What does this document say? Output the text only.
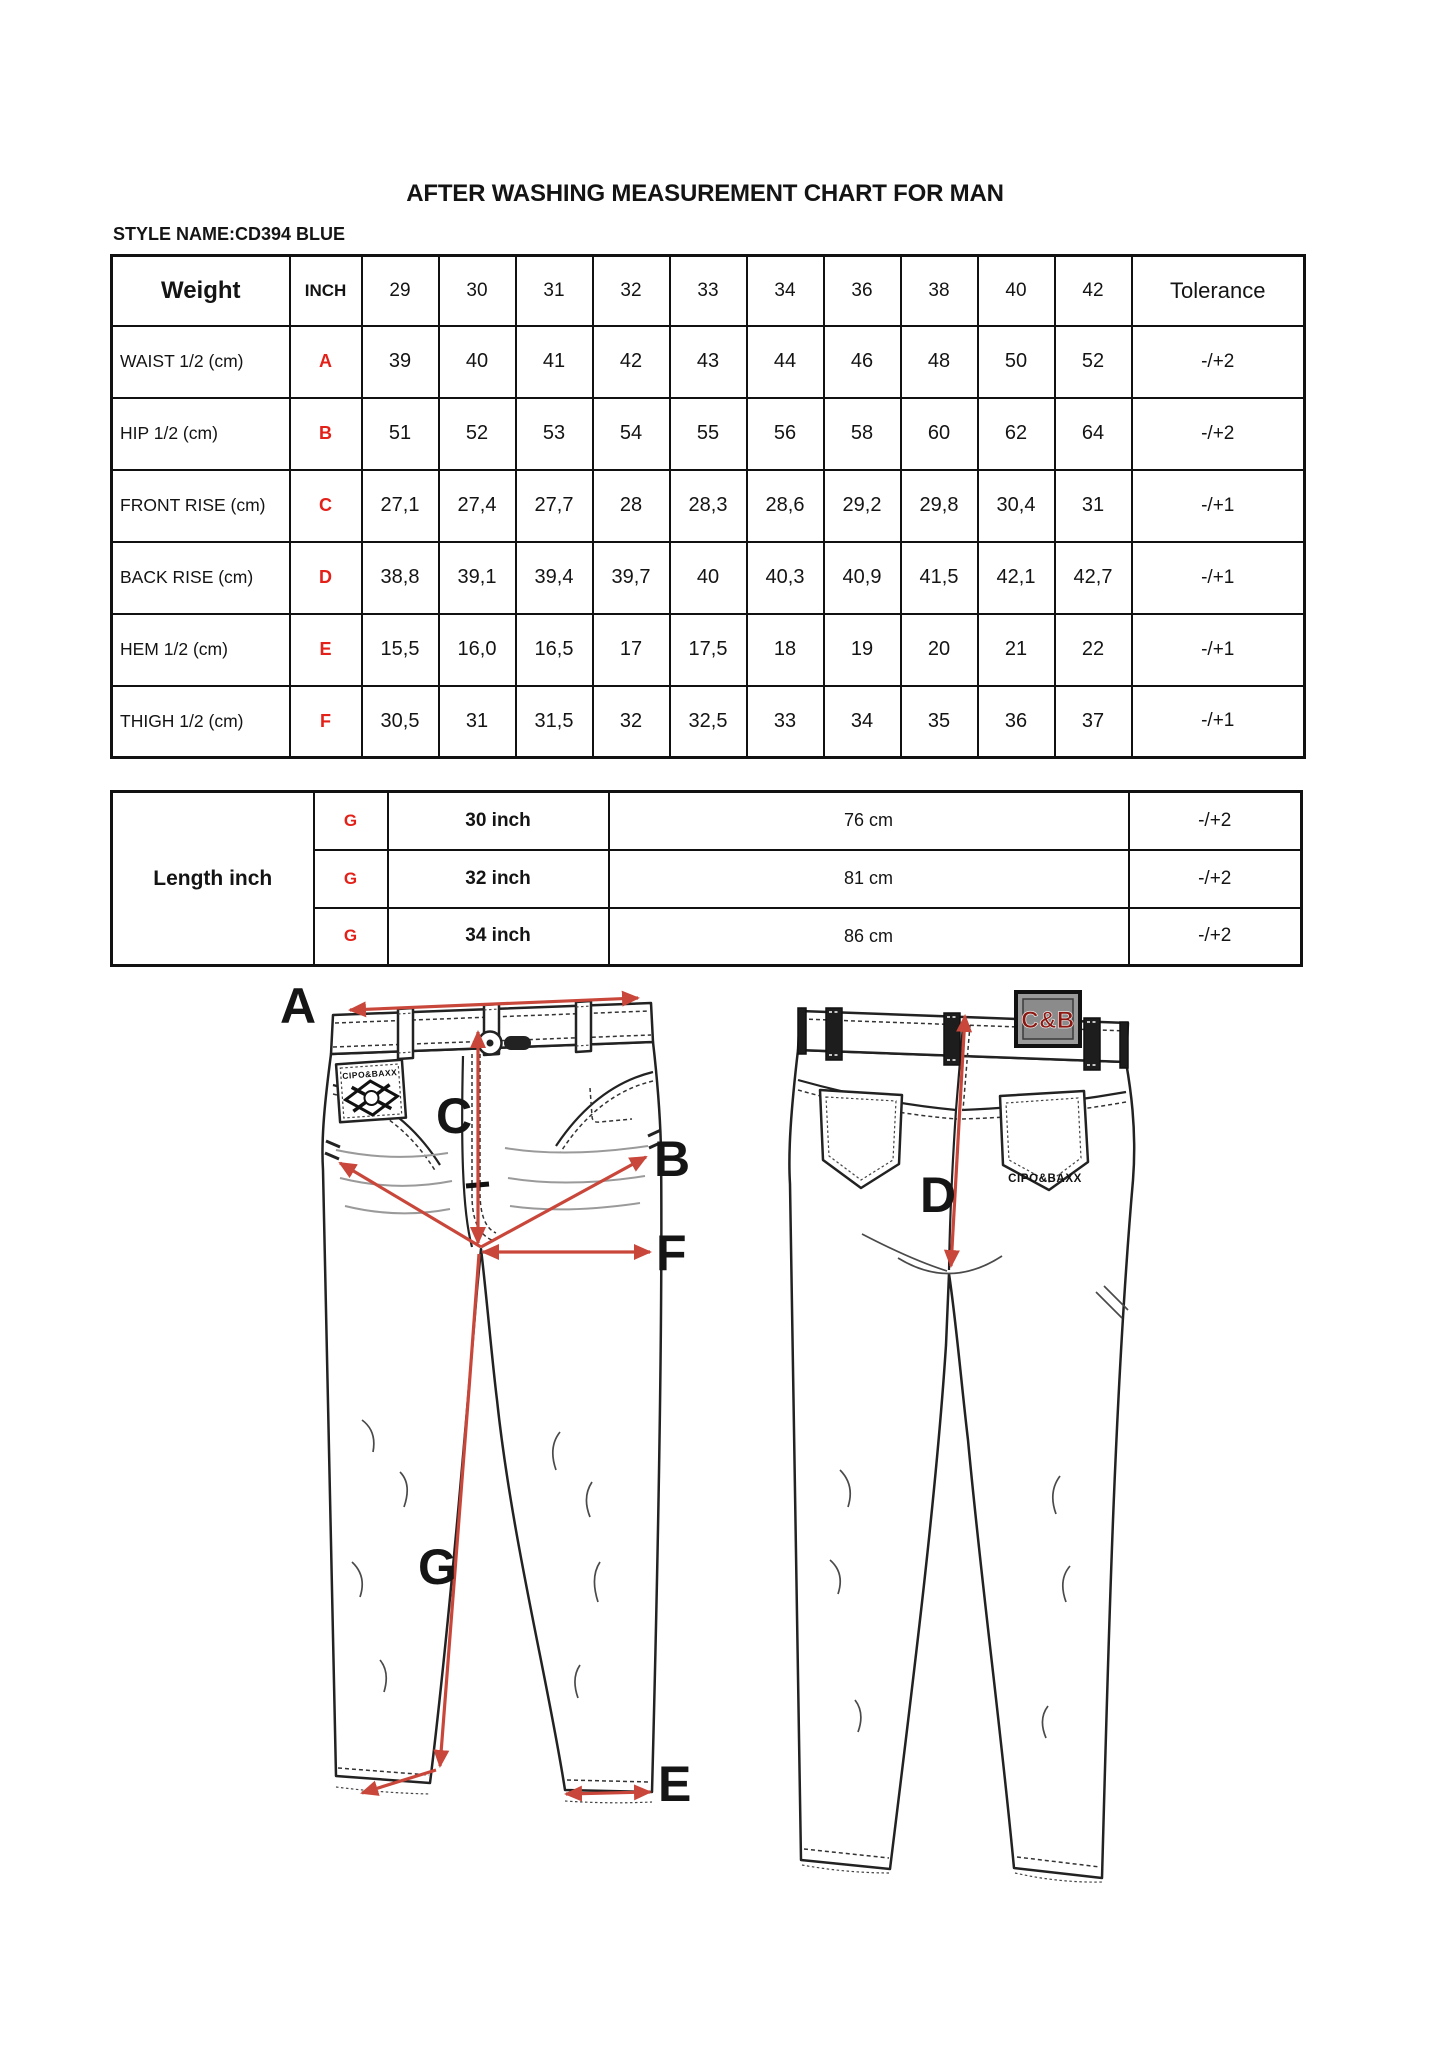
AFTER WASHING MEASUREMENT CHART FOR MAN
STYLE NAME:CD394 BLUE
Weight	INCH	29	30	31	32	33	34	36	38	40	42	Tolerance
WAIST 1/2 (cm)	A	39	40	41	42	43	44	46	48	50	52	-/+2
HIP 1/2 (cm)	B	51	52	53	54	55	56	58	60	62	64	-/+2
FRONT RISE (cm)	C	27,1	27,4	27,7	28	28,3	28,6	29,2	29,8	30,4	31	-/+1
BACK RISE (cm)	D	38,8	39,1	39,4	39,7	40	40,3	40,9	41,5	42,1	42,7	-/+1
HEM 1/2 (cm)	E	15,5	16,0	16,5	17	17,5	18	19	20	21	22	-/+1
THIGH 1/2 (cm)	F	30,5	31	31,5	32	32,5	33	34	35	36	37	-/+1
Length inch	G	30 inch	76 cm	-/+2
	G	32 inch	81 cm	-/+2
	G	34 inch	86 cm	-/+2
CIPO&BAXX
A
C
B
F
G
E
C&B
CIPO&BAXX
D
